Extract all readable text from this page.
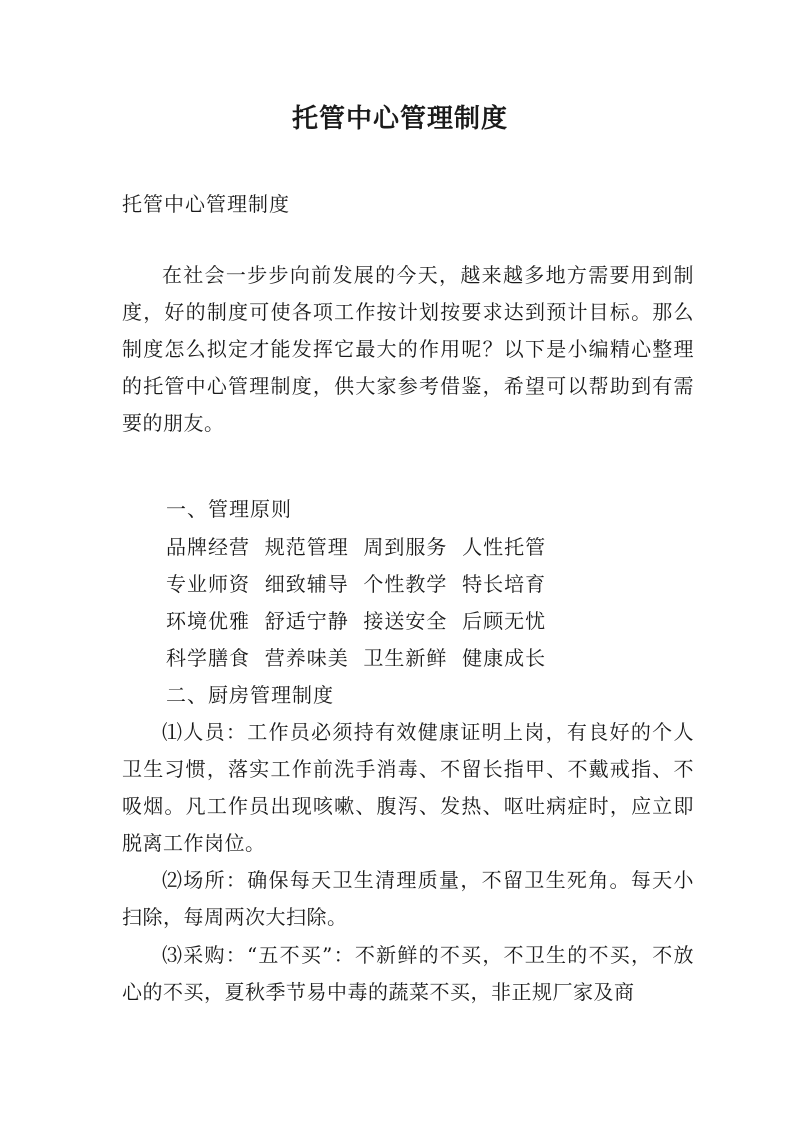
托管中心管理制度
托管中心管理制度

在社会一步步向前发展的今天，越来越多地方需要用到制度，好的制度可使各项工作按计划按要求达到预计目标。那么制度怎么拟定才能发挥它最大的作用呢？以下是小编精心整理的托管中心管理制度，供大家参考借鉴，希望可以帮助到有需要的朋友。

一、管理原则
品牌经营  规范管理  周到服务  人性托管
专业师资  细致辅导  个性教学  特长培育
环境优雅  舒适宁静  接送安全  后顾无忧
科学膳食  营养味美  卫生新鲜  健康成长
二、厨房管理制度

⑴人员：工作员必须持有效健康证明上岗，有良好的个人卫生习惯，落实工作前洗手消毒、不留长指甲、不戴戒指、不吸烟。凡工作员出现咳嗽、腹泻、发热、呕吐病症时，应立即脱离工作岗位。

⑵场所：确保每天卫生清理质量，不留卫生死角。每天小扫除，每周两次大扫除。

⑶采购：“五不买”：不新鲜的不买，不卫生的不买，不放心的不买，夏秋季节易中毒的蔬菜不买，非正规厂家及商
